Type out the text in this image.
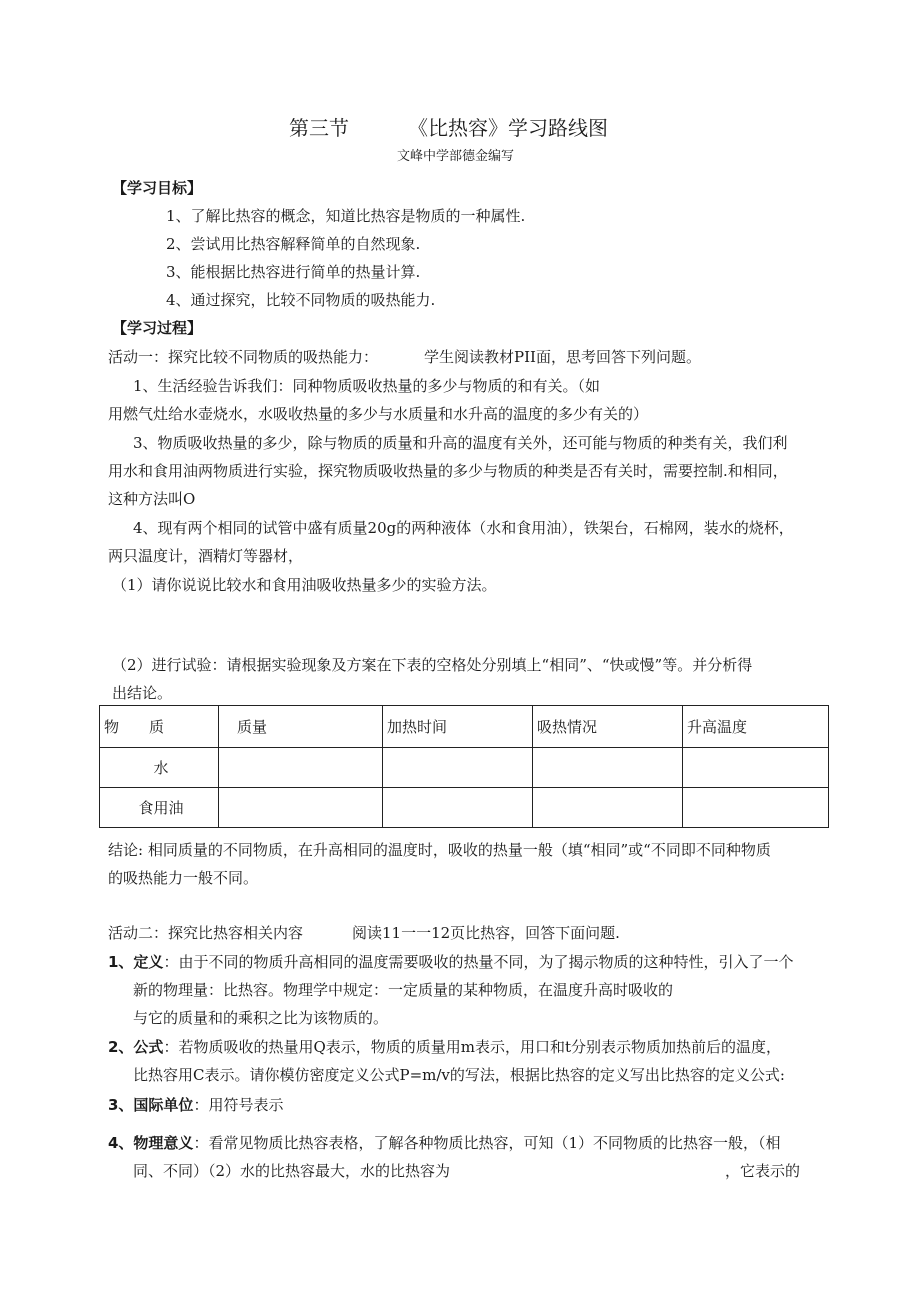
第三节	《比热容》学习路线图
文峰中学部德金编写
【学习目标】
1、了解比热容的概念，知道比热容是物质的一种属性.
2、尝试用比热容解释简单的自然现象.
3、能根据比热容进行简单的热量计算.
4、通过探究，比较不同物质的吸热能力.
【学习过程】
活动一：探究比较不同物质的吸热能力：	学生阅读教材PII面，思考回答下列问题。
1、生活经验告诉我们：同种物质吸收热量的多少与物质的和有关。（如
用燃气灶给水壶烧水，水吸收热量的多少与水质量和水升高的温度的多少有关的）
3、物质吸收热量的多少，除与物质的质量和升高的温度有关外，还可能与物质的种类有关，我们利
用水和食用油两物质进行实验，探究物质吸收热量的多少与物质的种类是否有关时，需要控制.和相同，
这种方法叫O
4、现有两个相同的试管中盛有质量20g的两种液体（水和食用油），铁架台，石棉网，装水的烧杯，
两只温度计，酒精灯等器材，
（1）请你说说比较水和食用油吸收热量多少的实验方法。
（2）进行试验：请根据实验现象及方案在下表的空格处分别填上“相同”、“快或慢”等。并分析得
出结论。
物　　质	质量	加热时间	吸热情况	升高温度
水				
食用油				
结论: 相同质量的不同物质，在升高相同的温度时，吸收的热量一般（填“相同”或“不同即不同种物质
的吸热能力一般不同。
活动二：探究比热容相关内容	阅读11一一12页比热容，回答下面问题.
1、定义：由于不同的物质升高相同的温度需要吸收的热量不同，为了揭示物质的这种特性，引入了一个
新的物理量：比热容。物理学中规定：一定质量的某种物质，在温度升高时吸收的
与它的质量和的乘积之比为该物质的。
2、公式：若物质吸收的热量用Q表示，物质的质量用m表示，用口和t分别表示物质加热前后的温度，
比热容用C表示。请你模仿密度定义公式P=m/v的写法，根据比热容的定义写出比热容的定义公式:
3、国际单位：用符号表示
4、物理意义：看常见物质比热容表格，了解各种物质比热容，可知（1）不同物质的比热容一般，（相
同、不同）（2）水的比热容最大，水的比热容为	，它表示的
